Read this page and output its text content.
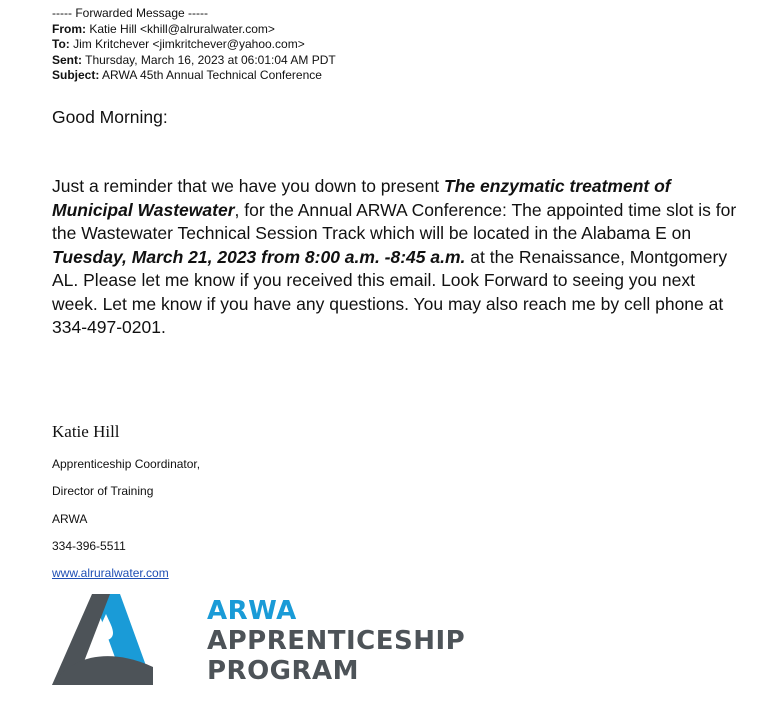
----- Forwarded Message -----
From: Katie Hill <khill@alruralwater.com>
To: Jim Kritchever <jimkritchever@yahoo.com>
Sent: Thursday, March 16, 2023 at 06:01:04 AM PDT
Subject: ARWA 45th Annual Technical Conference
Good Morning:
Just a reminder that we have you down to present The enzymatic treatment of Municipal Wastewater, for the Annual ARWA Conference: The appointed time slot is for the Wastewater Technical Session Track which will be located in the Alabama E on Tuesday, March 21, 2023 from 8:00 a.m. -8:45 a.m. at the Renaissance, Montgomery AL. Please let me know if you received this email. Look Forward to seeing you next week. Let me know if you have any questions. You may also reach me by cell phone at 334-497-0201.
Katie Hill
Apprenticeship Coordinator,
Director of Training
ARWA
334-396-5511
www.alruralwater.com
ARWA
APPRENTICESHIP
PROGRAM
